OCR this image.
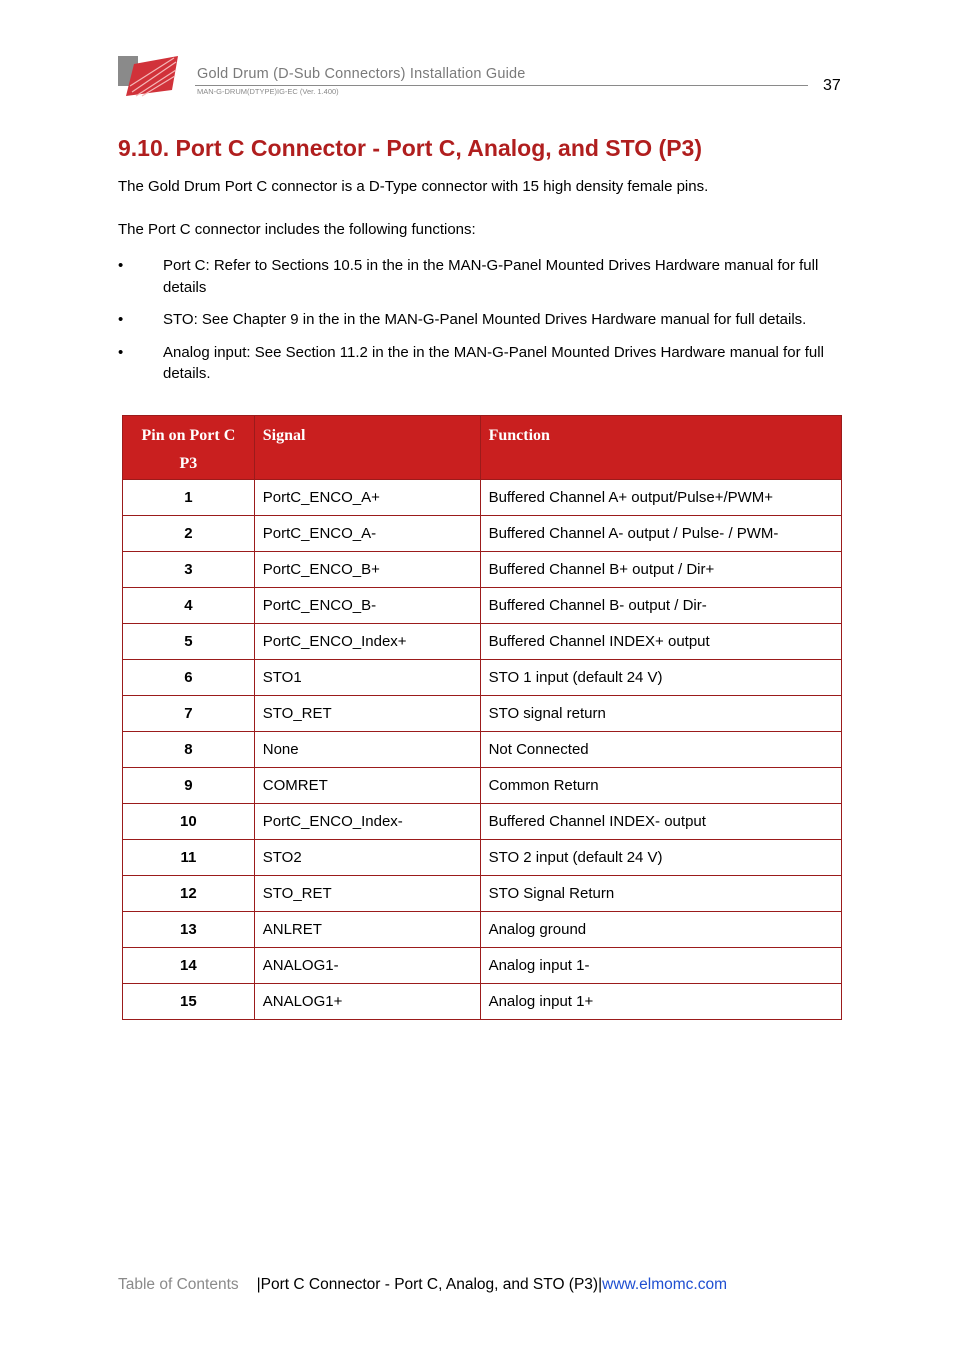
Gold Drum (D-Sub Connectors) Installation Guide
MAN-G-DRUM(DTYPE)IG-EC (Ver. 1.400)	37
9.10. Port C Connector - Port C, Analog, and STO (P3)
The Gold Drum Port C connector is a D-Type connector with 15 high density female pins.
The Port C connector includes the following functions:
•	Port C: Refer to Sections 10.5 in the in the MAN-G-Panel Mounted Drives Hardware manual for full details
•	STO: See Chapter 9 in the in the MAN-G-Panel Mounted Drives Hardware manual for full details.
•	Analog input: See Section 11.2 in the in the MAN-G-Panel Mounted Drives Hardware manual for full details.
Pin on Port C P3	Signal	Function
1	PortC_ENCO_A+	Buffered Channel A+ output/Pulse+/PWM+
2	PortC_ENCO_A-	Buffered Channel A- output / Pulse- / PWM-
3	PortC_ENCO_B+	Buffered Channel B+ output / Dir+
4	PortC_ENCO_B-	Buffered Channel B- output / Dir-
5	PortC_ENCO_Index+	Buffered Channel INDEX+ output
6	STO1	STO 1 input (default 24 V)
7	STO_RET	STO signal return
8	None	Not Connected
9	COMRET	Common Return
10	PortC_ENCO_Index-	Buffered Channel INDEX- output
11	STO2	STO 2 input (default 24 V)
12	STO_RET	STO Signal Return
13	ANLRET	Analog ground
14	ANALOG1-	Analog input 1-
15	ANALOG1+	Analog input 1+
Table of Contents |Port C Connector - Port C, Analog, and STO (P3)|www.elmomc.com
